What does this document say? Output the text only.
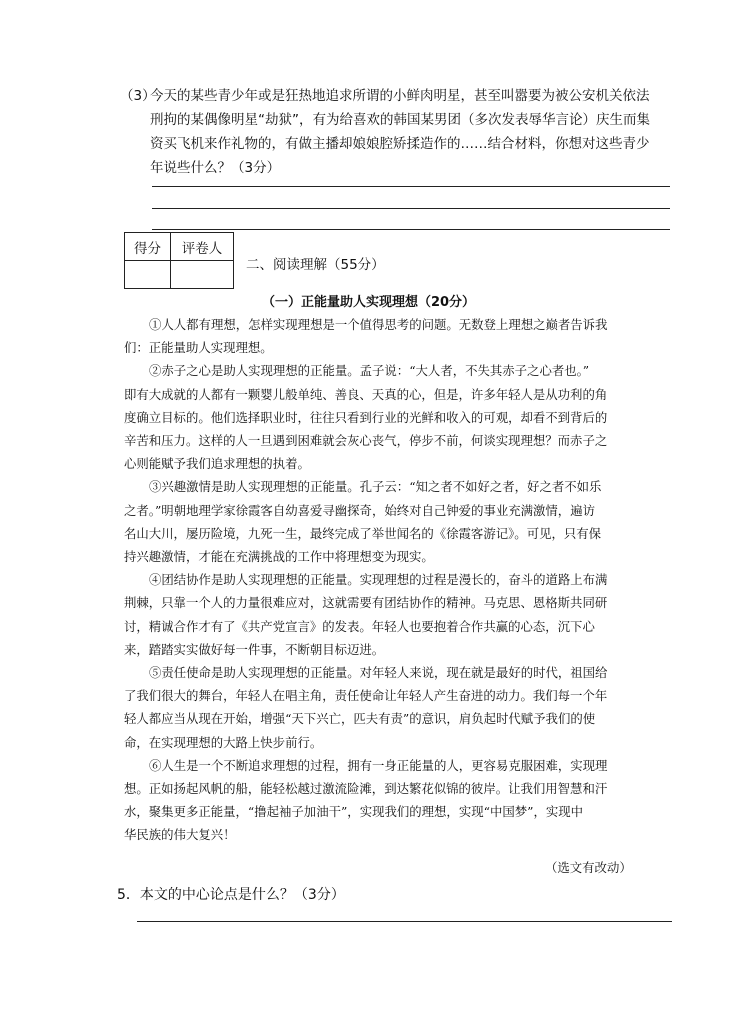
（3）

今天的某些青少年或是狂热地追求所谓的小鲜肉明星，甚至叫嚣要为被公安机关依法

刑拘的某偶像明星“劫狱”，有为给喜欢的韩国某男团（多次发表辱华言论）庆生而集

资买飞机来作礼物的，有做主播却娘娘腔矫揉造作的……结合材料，你想对这些青少

年说些什么？（3分）

得分	评卷人

二、阅读理解（55分）
（一）正能量助人实现理想（20分）

①人人都有理想，怎样实现理想是一个值得思考的问题。无数登上理想之巅者告诉我

们：正能量助人实现理想。

②赤子之心是助人实现理想的正能量。孟子说：“大人者，不失其赤子之心者也。”

即有大成就的人都有一颗婴儿般单纯、善良、天真的心，但是，许多年轻人是从功利的角

度确立目标的。他们选择职业时，往往只看到行业的光鲜和收入的可观，却看不到背后的

辛苦和压力。这样的人一旦遇到困难就会灰心丧气，停步不前，何谈实现理想？而赤子之

心则能赋予我们追求理想的执着。

③兴趣激情是助人实现理想的正能量。孔子云：“知之者不如好之者，好之者不如乐

之者。”明朝地理学家徐霞客自幼喜爱寻幽探奇，始终对自己钟爱的事业充满激情，遍访

名山大川，屡历险境，九死一生，最终完成了举世闻名的《徐霞客游记》。可见，只有保

持兴趣激情，才能在充满挑战的工作中将理想变为现实。

④团结协作是助人实现理想的正能量。实现理想的过程是漫长的，奋斗的道路上布满

荆棘，只靠一个人的力量很难应对，这就需要有团结协作的精神。马克思、恩格斯共同研

讨，精诚合作才有了《共产党宣言》的发表。年轻人也要抱着合作共赢的心态，沉下心

来，踏踏实实做好每一件事，不断朝目标迈进。

⑤责任使命是助人实现理想的正能量。对年轻人来说，现在就是最好的时代，祖国给

了我们很大的舞台，年轻人在唱主角，责任使命让年轻人产生奋进的动力。我们每一个年

轻人都应当从现在开始，增强“天下兴亡，匹夫有责”的意识，肩负起时代赋予我们的使

命，在实现理想的大路上快步前行。

⑥人生是一个不断追求理想的过程，拥有一身正能量的人，更容易克服困难，实现理

想。正如扬起风帆的船，能轻松越过激流险滩，到达繁花似锦的彼岸。让我们用智慧和汗

水，聚集更多正能量，“撸起袖子加油干”，实现我们的理想，实现“中国梦”，实现中

华民族的伟大复兴！

（选文有改动）
5．本文的中心论点是什么？（3分）
